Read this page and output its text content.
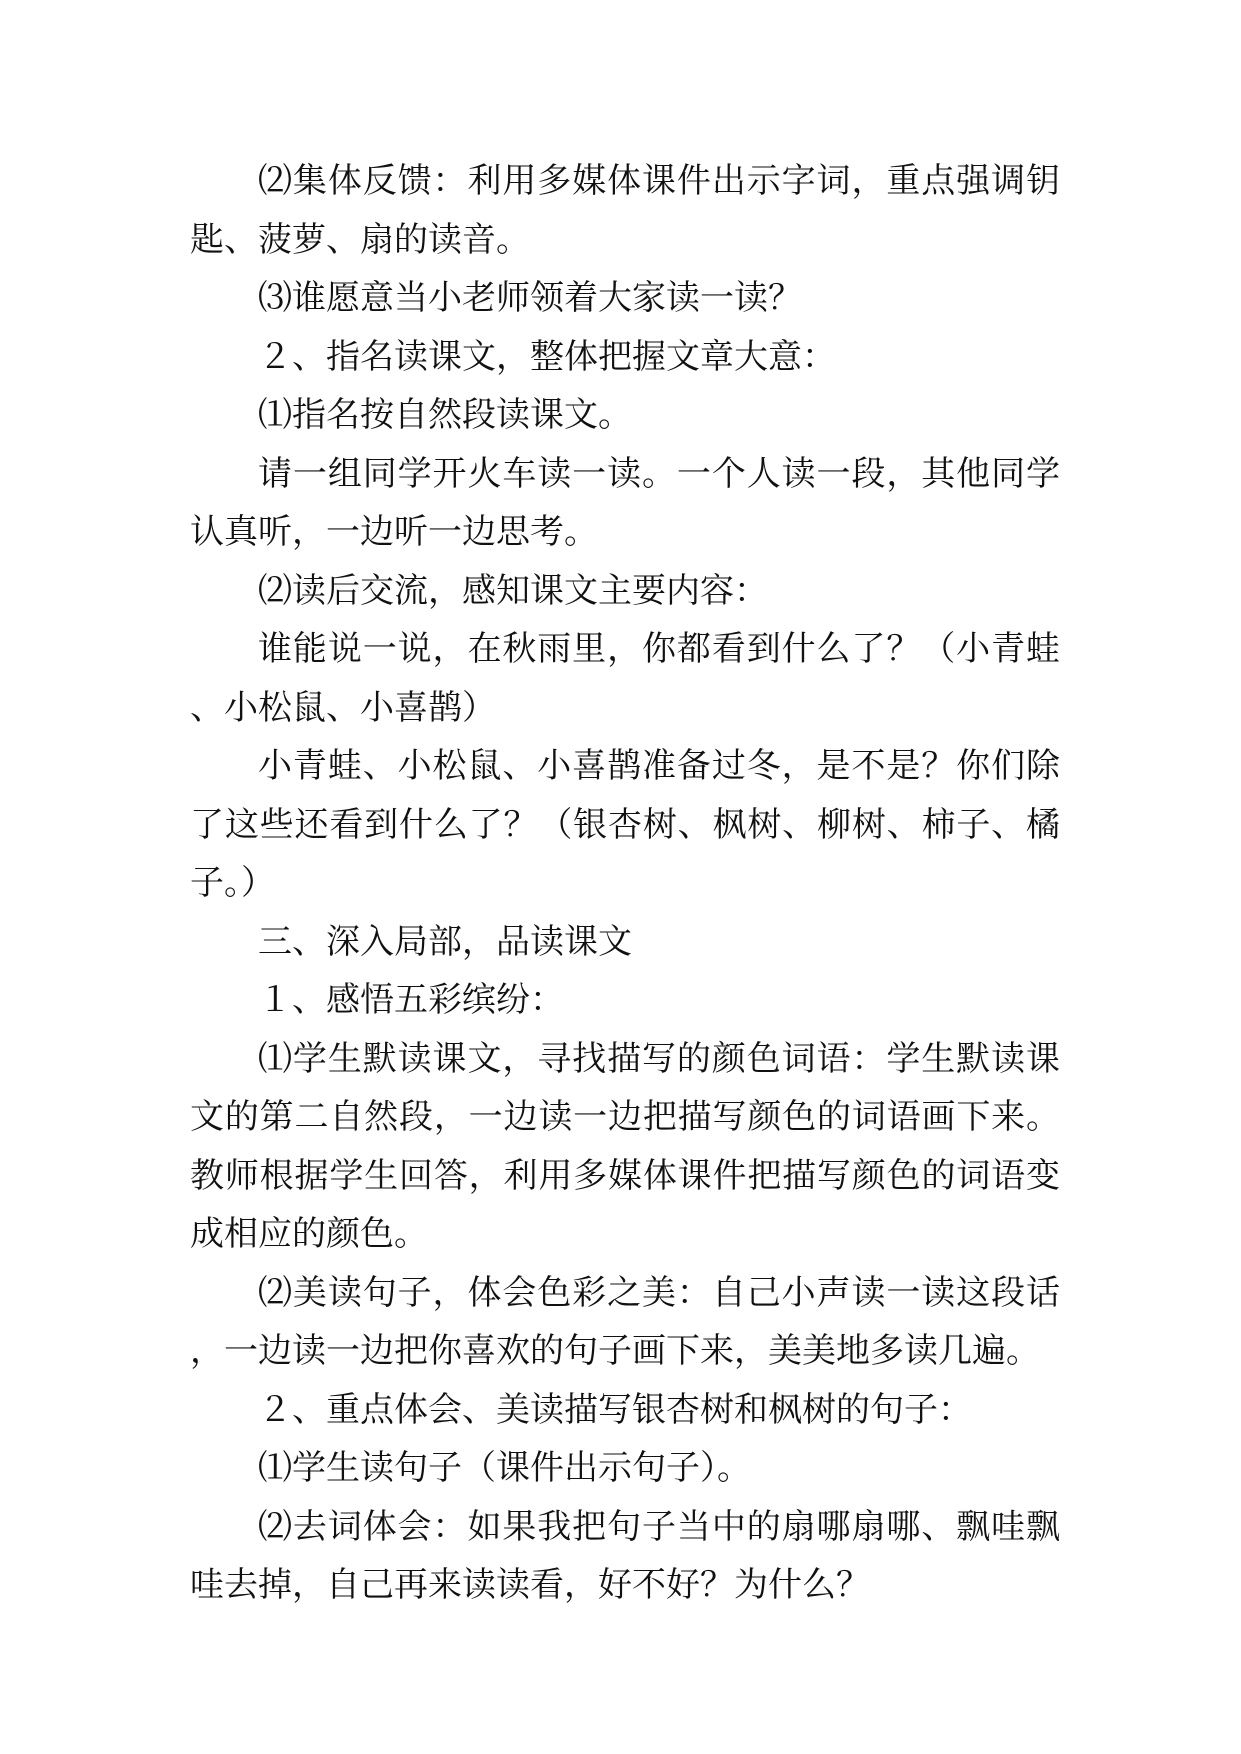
⑵集体反馈：利用多媒体课件出示字词，重点强调钥匙、菠萝、扇的读音。

⑶谁愿意当小老师领着大家读一读？

２、指名读课文，整体把握文章大意：

⑴指名按自然段读课文。

请一组同学开火车读一读。一个人读一段，其他同学认真听，一边听一边思考。

⑵读后交流，感知课文主要内容：

谁能说一说，在秋雨里，你都看到什么了？（小青蛙、小松鼠、小喜鹊）

小青蛙、小松鼠、小喜鹊准备过冬，是不是？你们除了这些还看到什么了？（银杏树、枫树、柳树、柿子、橘子。）

三、深入局部，品读课文

１、感悟五彩缤纷：

⑴学生默读课文，寻找描写的颜色词语：学生默读课文的第二自然段，一边读一边把描写颜色的词语画下来。教师根据学生回答，利用多媒体课件把描写颜色的词语变成相应的颜色。

⑵美读句子，体会色彩之美：自己小声读一读这段话，一边读一边把你喜欢的句子画下来，美美地多读几遍。

２、重点体会、美读描写银杏树和枫树的句子：

⑴学生读句子（课件出示句子）。

⑵去词体会：如果我把句子当中的扇哪扇哪、飘哇飘哇去掉，自己再来读读看，好不好？为什么？
